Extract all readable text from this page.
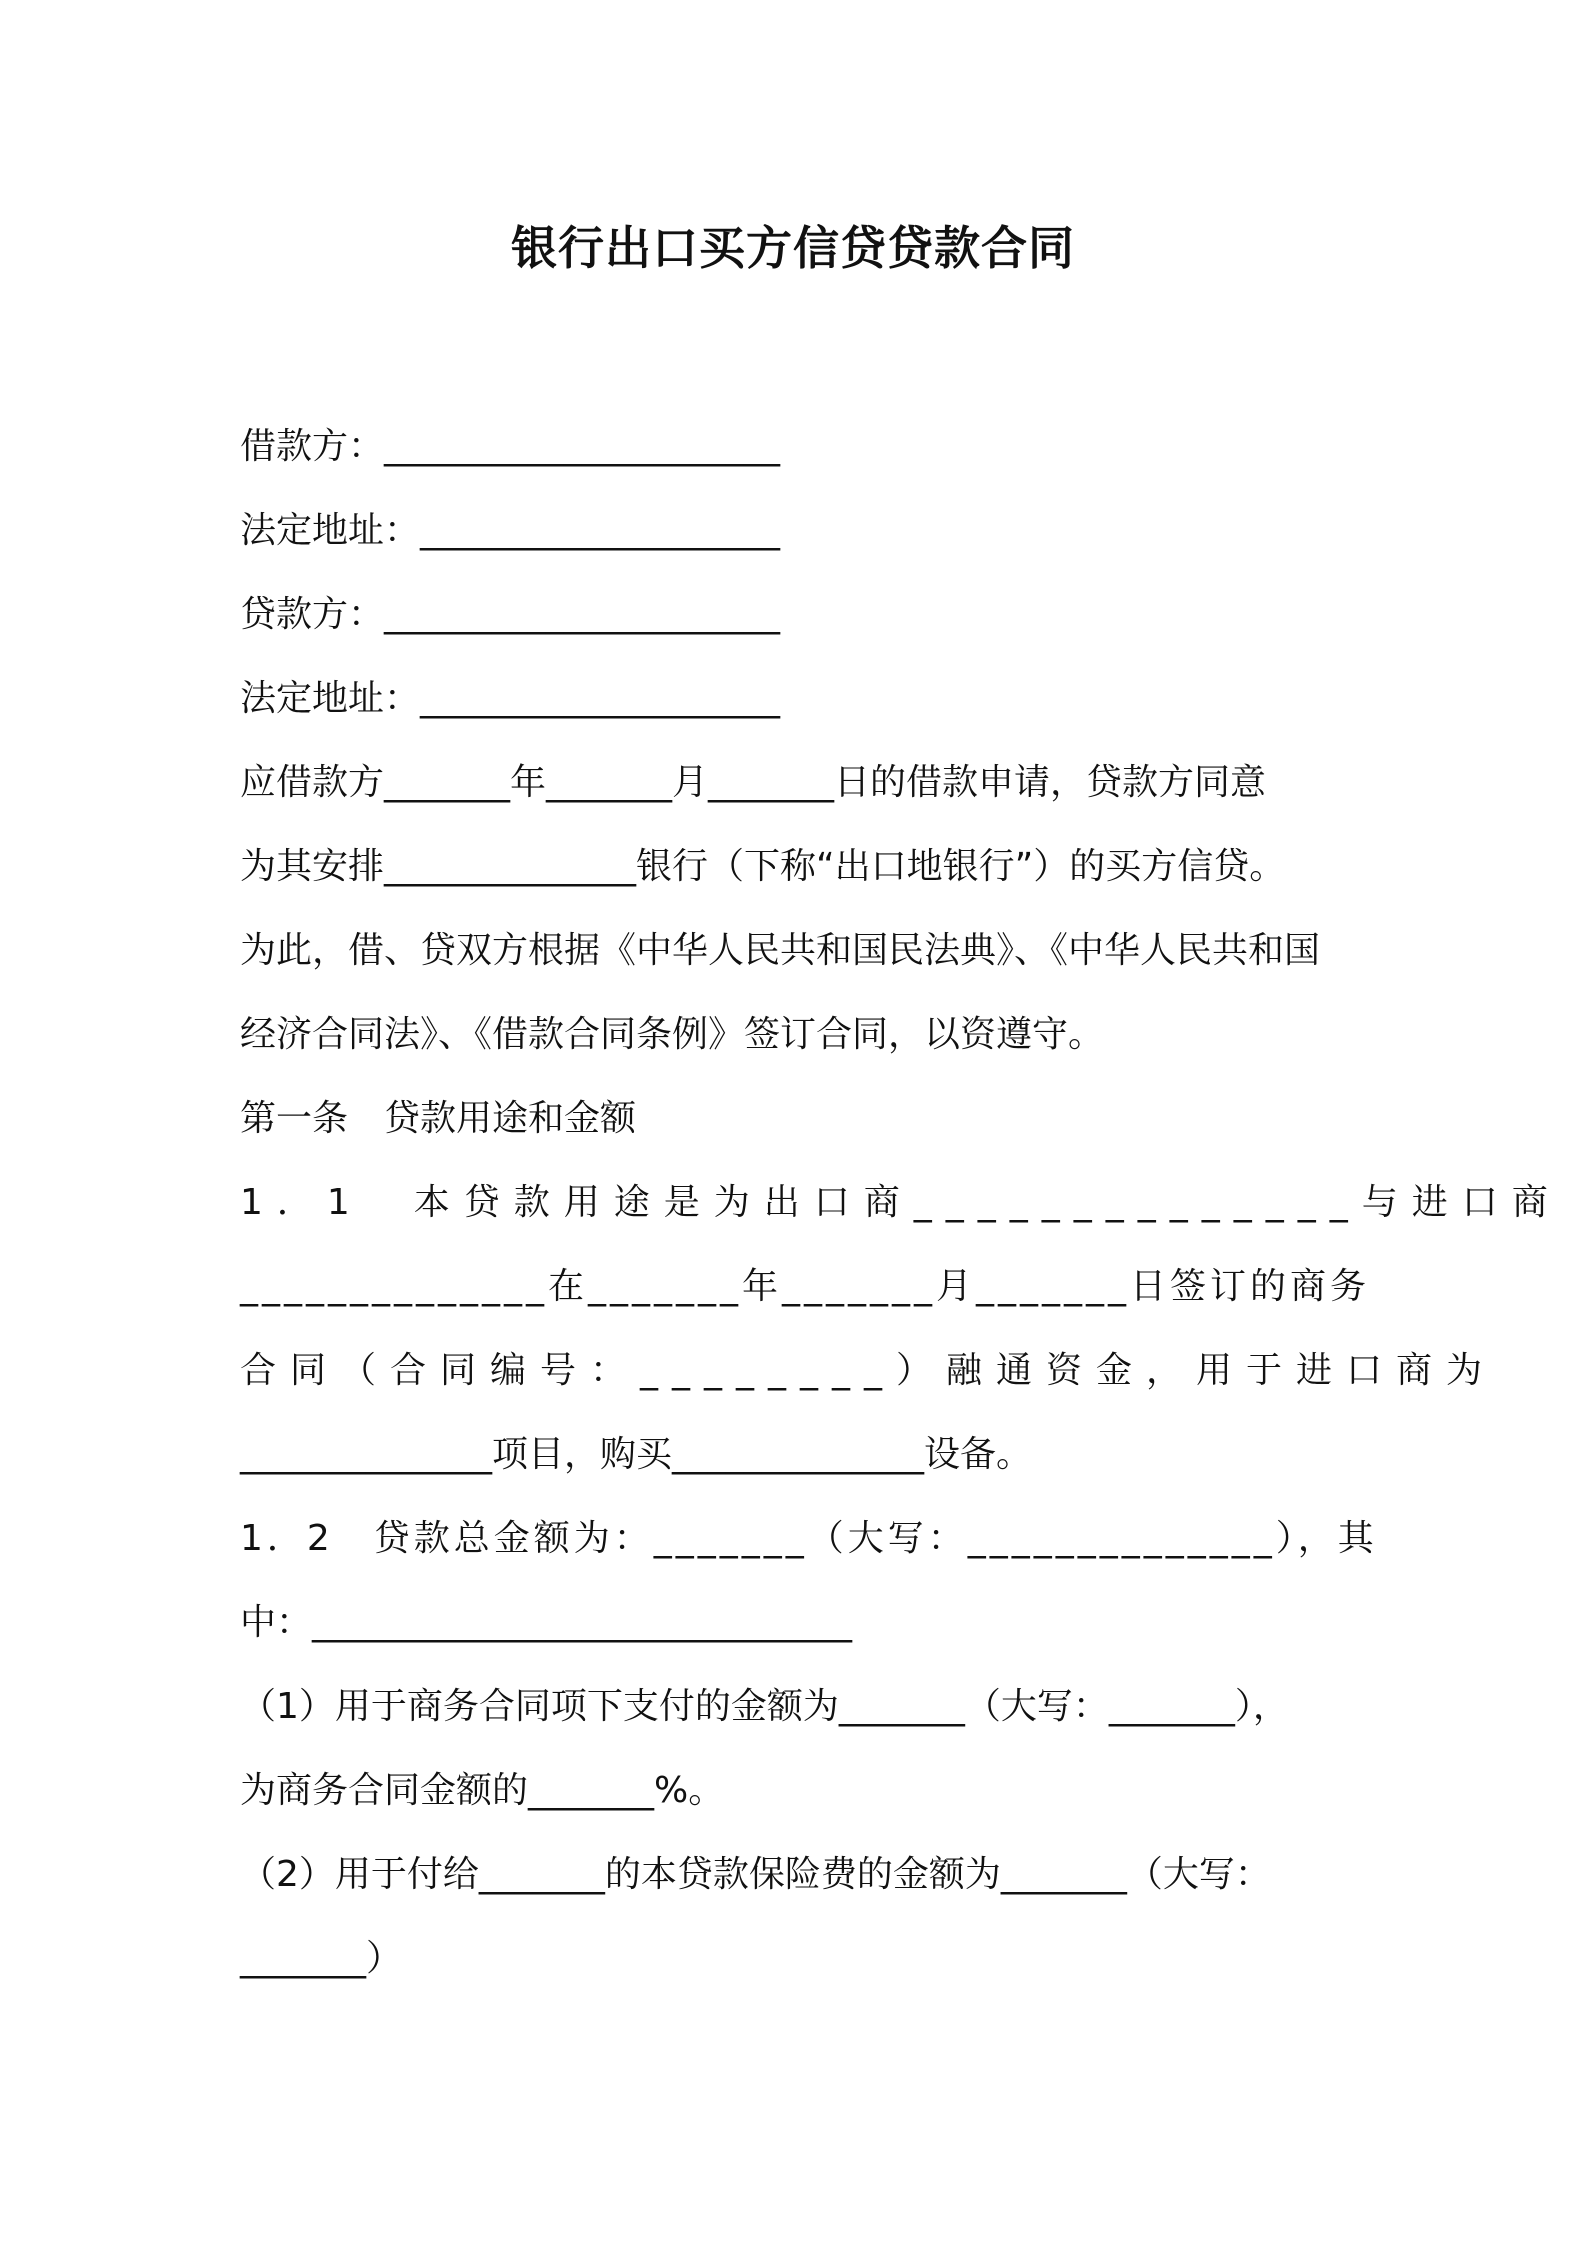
银行出口买方信贷贷款合同
借款方：______________________
法定地址：____________________
贷款方：______________________
法定地址：____________________
应借款方_______年_______月_______日的借款申请，贷款方同意
为其安排______________银行（下称“出口地银行”）的买方信贷。
为此，借、贷双方根据《中华人民共和国民法典》、《中华人民共和国
经济合同法》、《借款合同条例》签订合同，以资遵守。
第一条　贷款用途和金额
1．1　本贷款用途是为出口商______________与进口商
______________在_______年_______月_______日签订的商务
合同（合同编号：________）融通资金，用于进口商为
______________项目，购买______________设备。
1．2　贷款总金额为：_______（大写：______________），其
中：______________________________
（1）用于商务合同项下支付的金额为_______（大写：_______），
为商务合同金额的_______%。
（2）用于付给_______的本贷款保险费的金额为_______（大写：
_______）
